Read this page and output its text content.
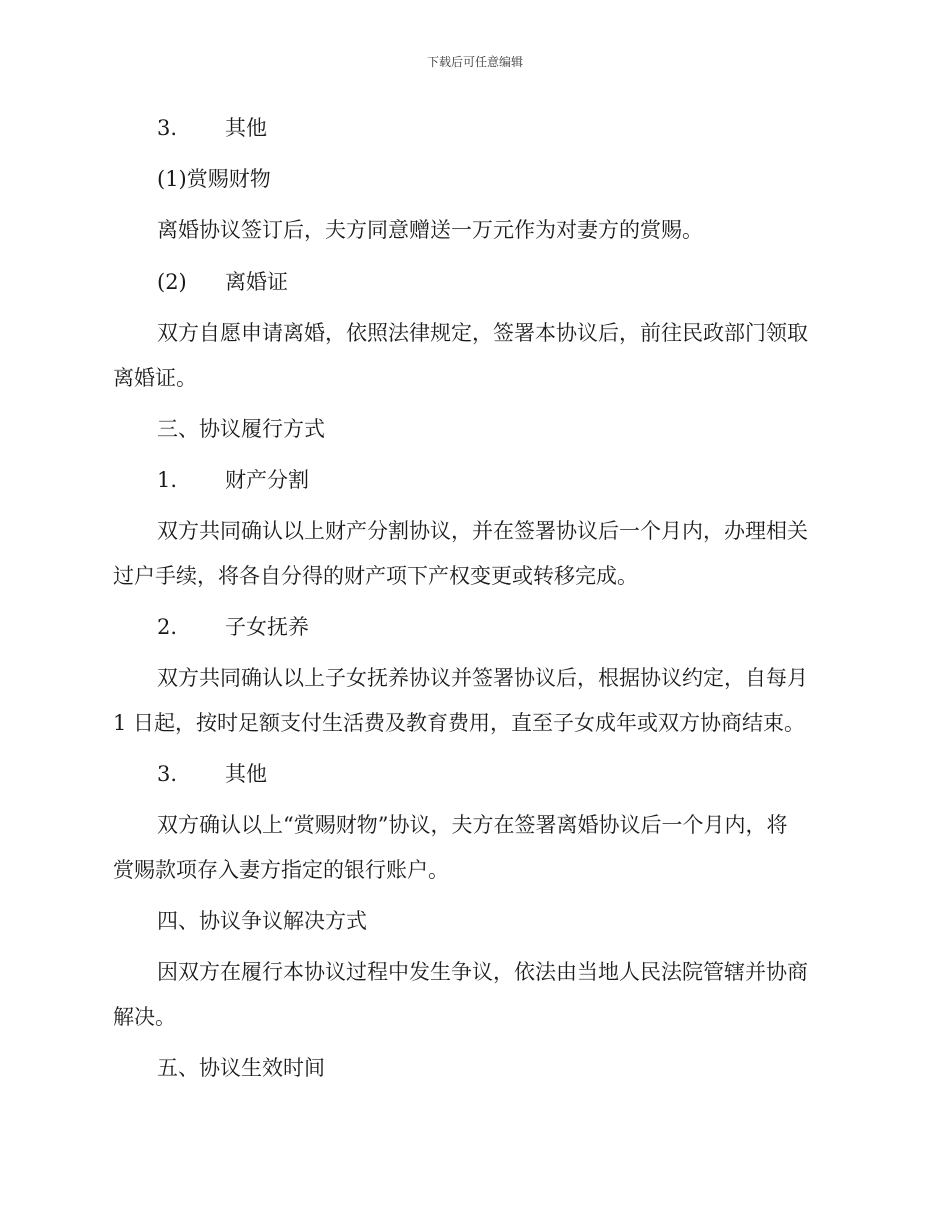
下载后可任意编辑
3. 其他
(1)赏赐财物
离婚协议签订后，夫方同意赠送一万元作为对妻方的赏赐。
(2) 离婚证
双方自愿申请离婚，依照法律规定，签署本协议后，前往民政部门领取
离婚证。
三、协议履行方式
1. 财产分割
双方共同确认以上财产分割协议，并在签署协议后一个月内，办理相关
过户手续，将各自分得的财产项下产权变更或转移完成。
2. 子女抚养
双方共同确认以上子女抚养协议并签署协议后，根据协议约定，自每月
1 日起，按时足额支付生活费及教育费用，直至子女成年或双方协商结束。
3. 其他
双方确认以上“赏赐财物”协议，夫方在签署离婚协议后一个月内，将
赏赐款项存入妻方指定的银行账户。
四、协议争议解决方式
因双方在履行本协议过程中发生争议，依法由当地人民法院管辖并协商
解决。
五、协议生效时间
